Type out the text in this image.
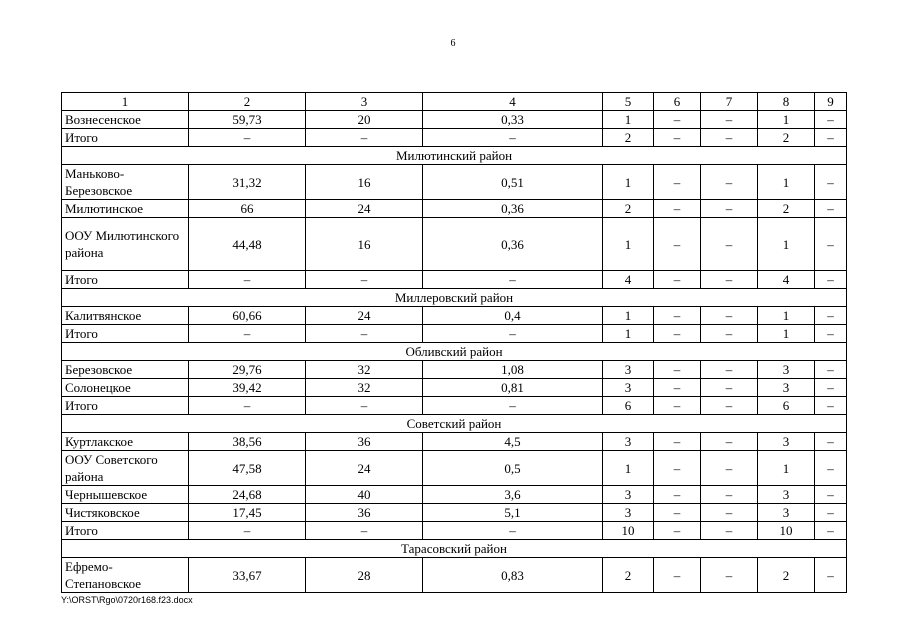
6
1	2	3	4	5	6	7	8	9
Вознесенское	59,73	20	0,33	1	–	–	1	–
Итого	–	–	–	2	–	–	2	–
Милютинский район								
Маньково-Березовское	31,32	16	0,51	1	–	–	1	–
Милютинское	66	24	0,36	2	–	–	2	–
ООУ Милютинского района	44,48	16	0,36	1	–	–	1	–
Итого	–	–	–	4	–	–	4	–
Миллеровский район								
Калитвянское	60,66	24	0,4	1	–	–	1	–
Итого	–	–	–	1	–	–	1	–
Обливский район								
Березовское	29,76	32	1,08	3	–	–	3	–
Солонецкое	39,42	32	0,81	3	–	–	3	–
Итого	–	–	–	6	–	–	6	–
Советский район								
Куртлакское	38,56	36	4,5	3	–	–	3	–
ООУ Советского района	47,58	24	0,5	1	–	–	1	–
Чернышевское	24,68	40	3,6	3	–	–	3	–
Чистяковское	17,45	36	5,1	3	–	–	3	–
Итого	–	–	–	10	–	–	10	–
Тарасовский район								
Ефремо-Степановское	33,67	28	0,83	2	–	–	2	–
Y:\ORST\Rgo\0720r168.f23.docx
